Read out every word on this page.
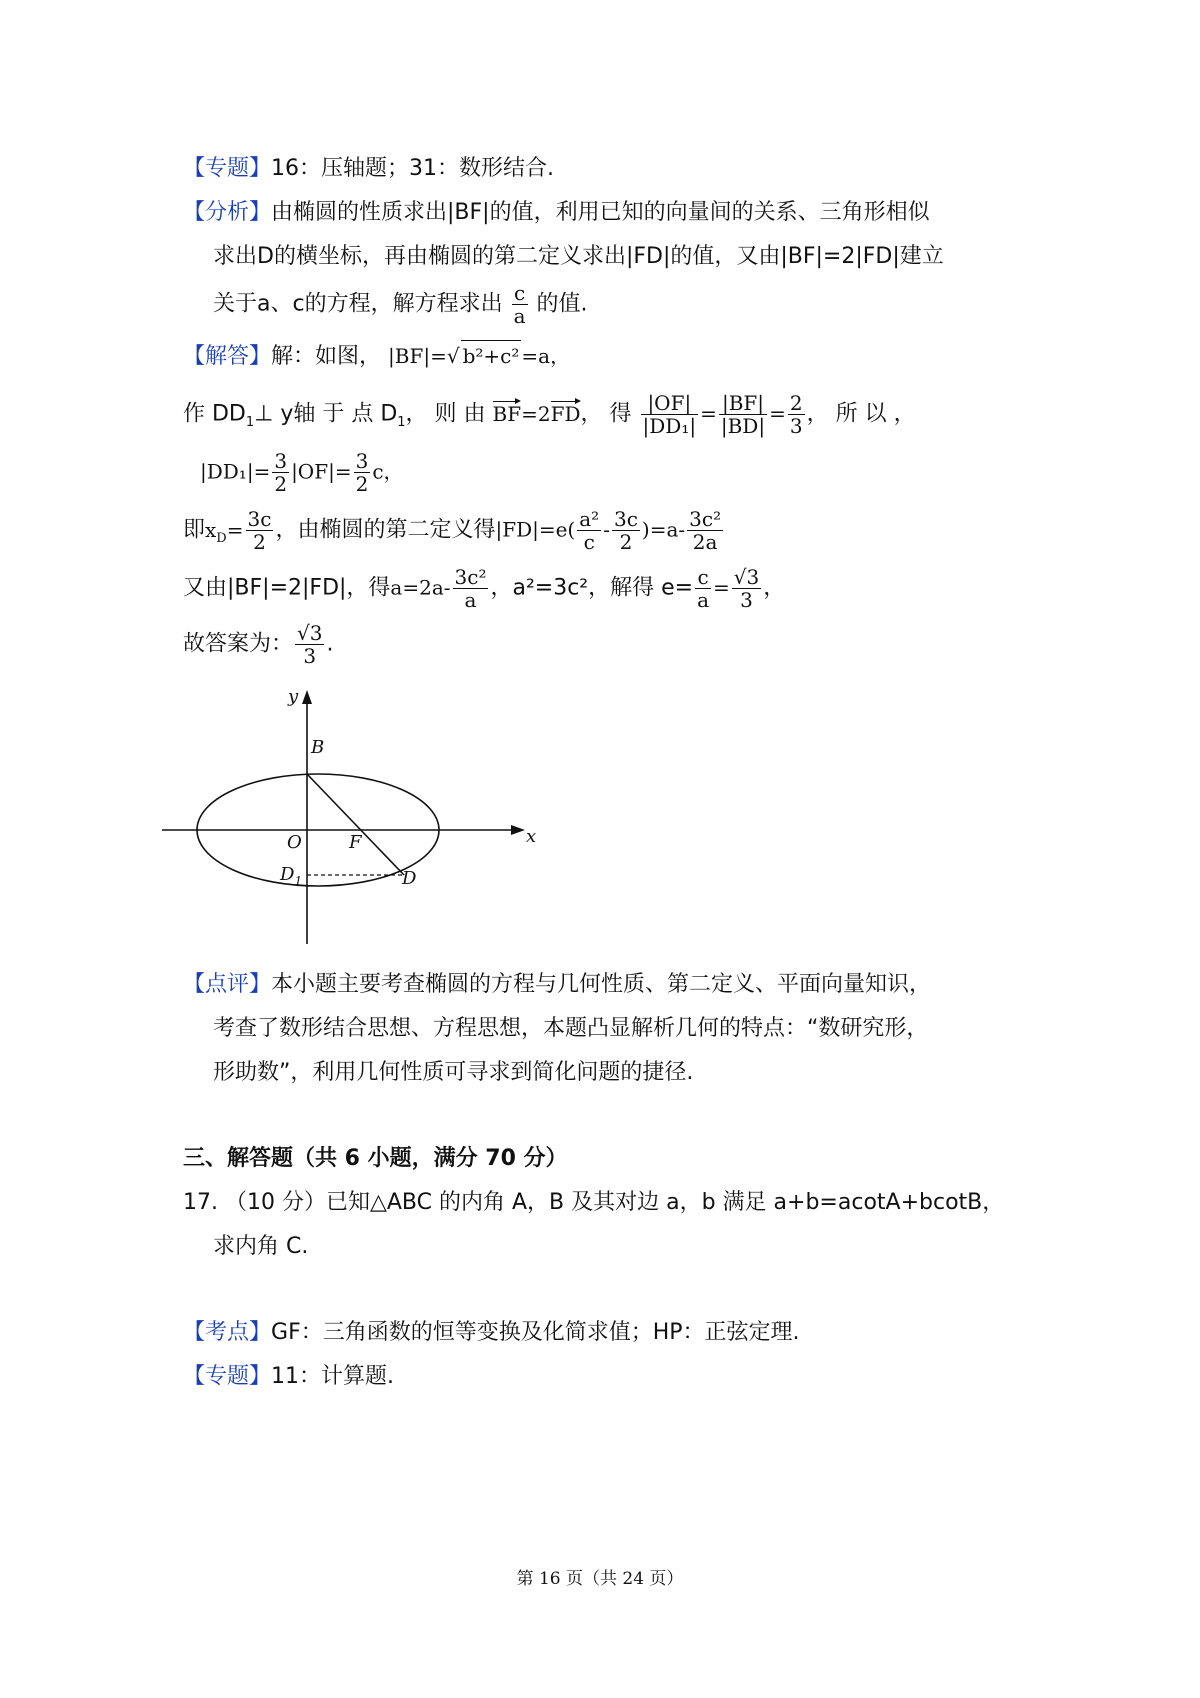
【专题】16：压轴题；31：数形结合.
【分析】由椭圆的性质求出|BF|的值，利用已知的向量间的关系、三角形相似
求出D的横坐标，再由椭圆的第二定义求出|FD|的值，又由|BF|=2|FD|建立
关于a、c的方程，解方程求出 $\frac{c}{a}$ 的值.
【解答】解：如图， |BF|=√ b²+c² =a，
作 $DD_1\perp$ y轴 于 点 $D_1$， 则 由 BF=2FD， 得 $\frac{|OF|}{\text{|DD₁|}} = \frac{|BF|}{|BD|} = \frac{2}{3}$ ， 所 以 ，
$|DD_1|= \frac{3}{2} |OF|= \frac{3}{2}$ c，
即$x_D= \frac{3c}{2}$ ，由椭圆的第二定义得$|FD|=e( \frac{\text{a²}}{c} - \frac{3c}{2} )=a- \frac{\text{3c²}}{2a}$
又由|BF|=2|FD|，得$a=2a- \frac{\text{3c²}}{a}$ ，a²=3c²，解得 $e= \frac{c}{a} = \frac{√3}{3}$ ，
故答案为： $\frac{√3}{3}$ .
y
x
B
O	F
$D_1$	D
【点评】本小题主要考查椭圆的方程与几何性质、第二定义、平面向量知识，
考查了数形结合思想、方程思想，本题凸显解析几何的特点：“数研究形，
形助数”，利用几何性质可寻求到简化问题的捷径.
三、解答题（共 6 小题，满分 70 分）
17. （10 分）已知△ABC 的内角 A，B 及其对边 a，b 满足 a+b=acotA+bcotB，
求内角 C.
【考点】GF：三角函数的恒等变换及化简求值；HP：正弦定理.
【专题】11：计算题.
第 16 页（共 24 页）
